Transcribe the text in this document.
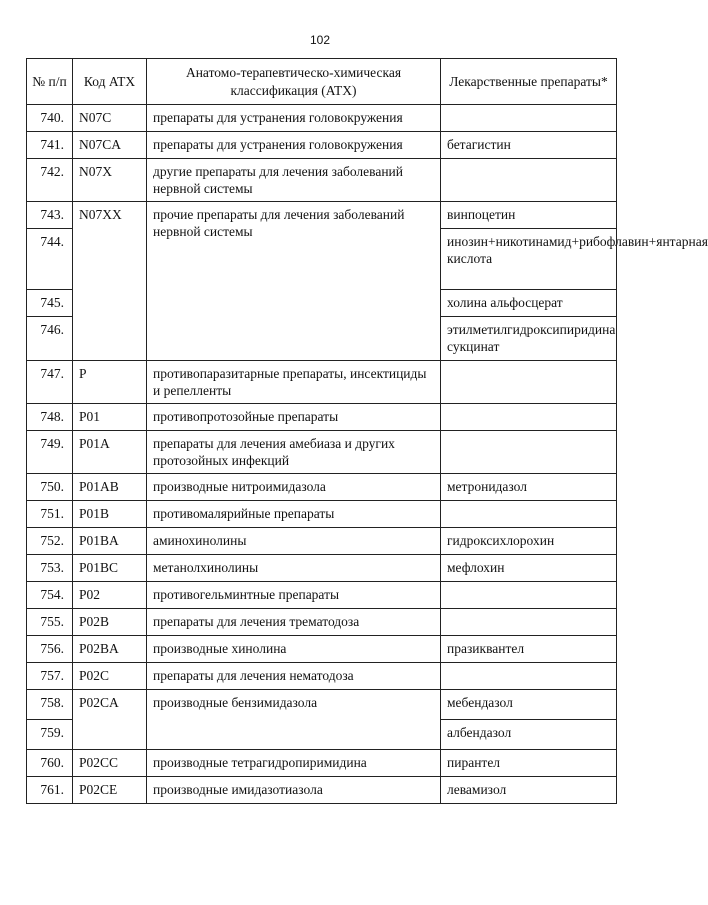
102
№ п/п	Код ATX	Анатомо-терапевтическо-химическая классификация (ATX)	Лекарственные препараты*
740.	N07C	препараты для устранения головокружения	
741.	N07CA	препараты для устранения головокружения	бетагистин
742.	N07X	другие препараты для лечения заболеваний нервной системы	
743.	N07XX	прочие препараты для лечения заболеваний нервной системы	винпоцетин
744.			инозин+никотинамид+рибофлавин+янтарная кислота
745.			холина альфосцерат
746.			этилметилгидроксипиридина сукцинат
747.	P	противопаразитарные препараты, инсектициды и репелленты	
748.	P01	противопротозойные препараты	
749.	P01A	препараты для лечения амебиаза и других протозойных инфекций	
750.	P01AB	производные нитроимидазола	метронидазол
751.	P01B	противомалярийные препараты	
752.	P01BA	аминохинолины	гидроксихлорохин
753.	P01BC	метанолхинолины	мефлохин
754.	P02	противогельминтные препараты	
755.	P02B	препараты для лечения трематодоза	
756.	P02BA	производные хинолина	празиквантел
757.	P02C	препараты для лечения нематодоза	
758.	P02CA	производные бензимидазола	мебендазол
759.			албендазол
760.	P02CC	производные тетрагидропиримидина	пирантел
761.	P02CE	производные имидазотиазола	левамизол
